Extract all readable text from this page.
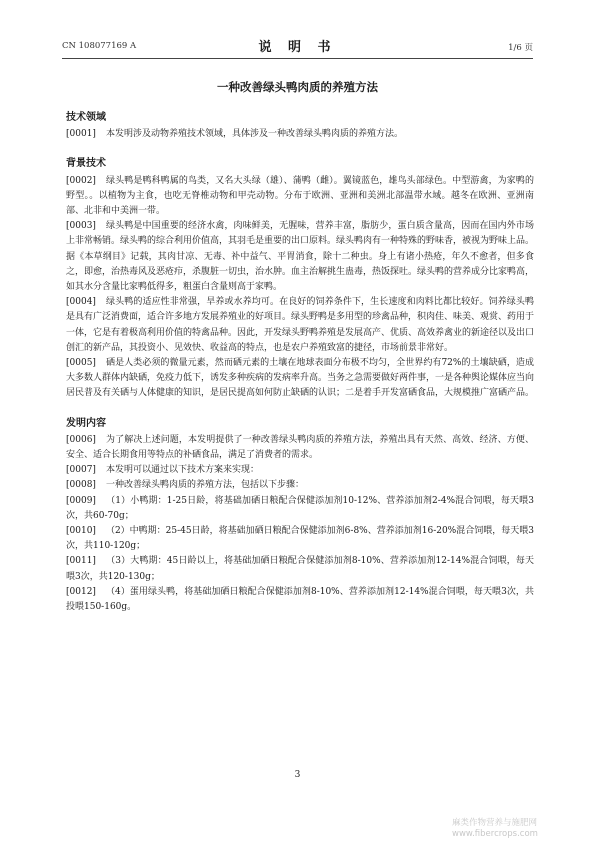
CN 108077169 A	说 明 书	1/6 页
一种改善绿头鸭肉质的养殖方法
技术领域

[0001] 本发明涉及动物养殖技术领域，具体涉及一种改善绿头鸭肉质的养殖方法。

背景技术

[0002] 绿头鸭是鸭科鸭属的鸟类，又名大头绿（雄）、蒲鸭（雌）。翼镜蓝色，雄鸟头部绿色。中型游禽，为家鸭的野型。。以植物为主食，也吃无脊椎动物和甲壳动物。分布于欧洲、亚洲和美洲北部温带水域。越冬在欧洲、亚洲南部、北非和中美洲一带。

[0003] 绿头鸭是中国重要的经济水禽，肉味鲜美，无腥味，营养丰富，脂肪少，蛋白质含量高，因而在国内外市场上非常畅销。绿头鸭的综合利用价值高，其羽毛是重要的出口原料。绿头鸭肉有一种特殊的野味香，被视为野味上品。据《本草纲目》记载，其肉甘凉、无毒、补中益气、平胃消食，除十二种虫。身上有诸小热疮，年久不愈者，但多食之，即愈，治热毒风及恶疮疖，杀腹脏一切虫，治水肿。血主治解挑生蛊毒，热饭探吐。绿头鸭的营养成分比家鸭高，如其水分含量比家鸭低得多，粗蛋白含量则高于家鸭。

[0004] 绿头鸭的适应性非常强，旱养或水养均可。在良好的饲养条件下，生长速度和肉料比都比较好。饲养绿头鸭是具有广泛消费面，适合许多地方发展养殖业的好项目。绿头野鸭是多用型的珍禽品种，积肉佳、味美、观赏、药用于一体，它是有着极高利用价值的特禽品种。因此，开发绿头野鸭养殖是发展高产、优质、高效养禽业的新途径以及出口创汇的新产品，其投资小、见效快、收益高的特点，也是农户养殖致富的捷径，市场前景非常好。

[0005] 硒是人类必须的微量元素，然而硒元素的土壤在地球表面分布极不均匀，全世界约有72%的土壤缺硒，造成大多数人群体内缺硒，免疫力低下，诱发多种疾病的发病率升高。当务之急需要做好两件事，一是各种舆论媒体应当向居民普及有关硒与人体健康的知识，是居民提高如何防止缺硒的认识；二是着手开发富硒食品，大规模推广富硒产品。

发明内容

[0006] 为了解决上述问题，本发明提供了一种改善绿头鸭肉质的养殖方法，养殖出具有天然、高效、经济、方便、安全、适合长期食用等特点的补硒食品，满足了消费者的需求。

[0007] 本发明可以通过以下技术方案来实现：

[0008] 一种改善绿头鸭肉质的养殖方法，包括以下步骤：

[0009] （1）小鸭期：1-25日龄，将基础加硒日粮配合保健添加剂10-12%、营养添加剂2-4%混合饲喂，每天喂3次，共60-70g；

[0010] （2）中鸭期：25-45日龄，将基础加硒日粮配合保健添加剂6-8%、营养添加剂16-20%混合饲喂，每天喂3次，共110-120g；

[0011] （3）大鸭期：45日龄以上，将基础加硒日粮配合保健添加剂8-10%、营养添加剂12-14%混合饲喂，每天喂3次，共120-130g；

[0012] （4）蛋用绿头鸭，将基础加硒日粮配合保健添加剂8-10%、营养添加剂12-14%混合饲喂，每天喂3次，共投喂150-160g。

3
麻类作物营养与施肥网
www.fibercrops.com
